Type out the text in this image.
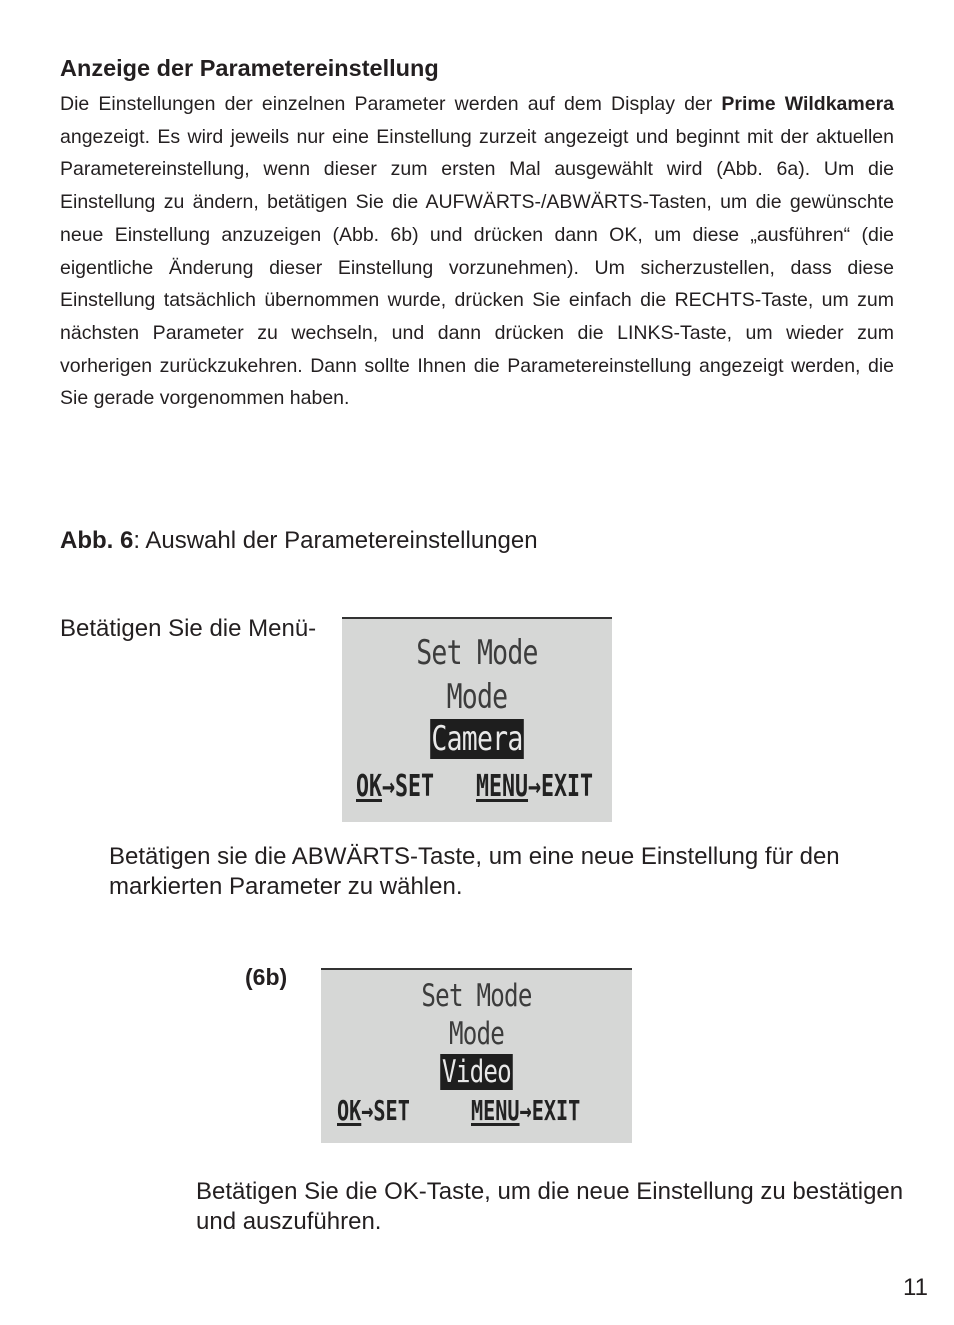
Anzeige der Parametereinstellung
Die Einstellungen der einzelnen Parameter werden auf dem Display der Prime Wildkamera angezeigt. Es wird jeweils nur eine Einstellung zurzeit angezeigt und beginnt mit der aktuellen Parametereinstellung, wenn dieser zum ersten Mal ausgewählt wird (Abb. 6a). Um die Einstellung zu ändern, betätigen Sie die AUFWÄRTS-/ABWÄRTS-Tasten, um die gewünschte neue Einstellung anzuzeigen (Abb. 6b) und drücken dann OK, um diese „ausführen“ (die eigentliche Änderung dieser Einstellung vorzunehmen). Um sicherzustellen, dass diese Einstellung tatsächlich übernommen wurde, drücken Sie einfach die RECHTS-Taste, um zum nächsten Parameter zu wechseln, und dann drücken die LINKS-Taste, um wieder zum vorherigen zurückzukehren. Dann sollte Ihnen die Parametereinstellung angezeigt werden, die Sie gerade vorgenommen haben.
Abb. 6: Auswahl der Parametereinstellungen
Betätigen Sie die Menü-
Set Mode
Mode
Camera
OK→SET MENU→EXIT
Betätigen sie die ABWÄRTS-Taste, um eine neue Einstellung für den markierten Parameter zu wählen.
(6b)
Set Mode
Mode
Video
OK→SET MENU→EXIT
Betätigen Sie die OK-Taste, um die neue Einstellung zu bestätigen und auszuführen.
11
